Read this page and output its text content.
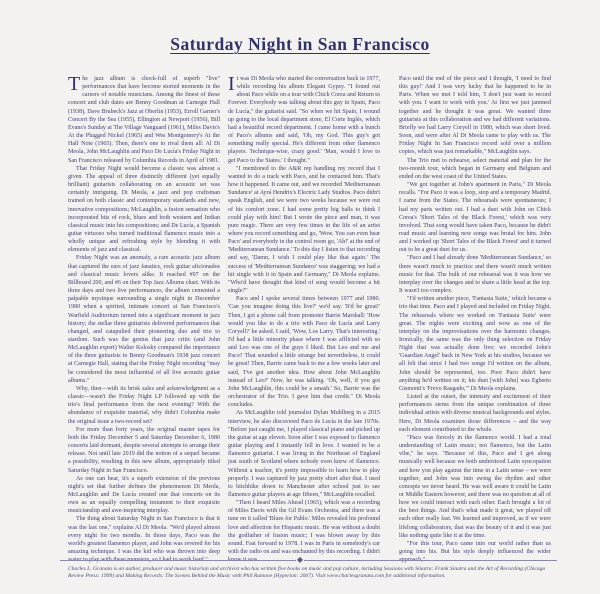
Saturday Night in San Francisco

The jazz album is chock-full of superb "live" performances that have become storied moments in the careers of notable musicians. Among the finest of these concert and club dates are Benny Goodman at Carnegie Hall (1938), Dave Brubeck's Jazz at Oberlin (1953), Erroll Garner's Concert By the Sea (1955), Ellington at Newport (1956), Bill Evans's Sunday at The Village Vanguard (1961), Miles Davis's At the Plugged Nickel (1965) and Wes Montgomery's At the Half Note (1965). Then, there's one to rival them all: Al Di Meola, John McLaughlin and Paco De Lucía's Friday Night in San Francisco released by Columbia Records in April of 1981.

That Friday Night would become a classic was almost a given. The appeal of three distinctly different (yet equally brilliant) guitarists collaborating on an acoustic set was certainly intriguing. Di Meola, a jazz and pop craftsman trained on both classic and contemporary standards and new, innovative compositions; McLaughlin, a fusion sensation who incorporated bits of rock, blues and both western and Indian classical music into his compositions; and De Lucía, a Spanish guitar virtuoso who turned traditional flamenco music into a wholly unique and refreshing style by blending it with elements of jazz and classical.

Friday Night was an anomaly, a rare acoustic jazz album that captured the ears of jazz fanatics, rock guitar aficionados and classical music lovers alike. It reached #97 on the Billboard 200, and #6 on their Top Jazz Albums chart. With its three days and two live performances, the album cemented a palpable mystique surrounding a single night in December 1980 when a spirited, intimate concert at San Francisco's Warfield Auditorium turned into a significant moment in jazz history; the stellar three guitarists delivered performances that changed, and catapulted their pioneering duo and trio to stardom. Such was the genius that jazz critic (and John McLaughlin expert) Walter Kolosky compared the importance of the three guitarists to Benny Goodman's 1938 jazz concert at Carnegie Hall, stating that the Friday Night recording "may be considered the most influential of all live acoustic guitar albums."

Why, then—with its brisk sales and acknowledgment as a classic—wasn't the Friday Night LP followed up with the trio's final performance from the next evening? With the abundance of exquisite material, why didn't Columbia make the original issue a two-record set?

For more than forty years, the original master tapes for both the Friday December 5 and Saturday December 6, 1980 concerts laid dormant, despite several attempts to arrange their release. Not until late 2019 did the notion of a sequel became a possibility, resulting in this new album, appropriately titled Saturday Night in San Francisco.

As one can hear, it's a superb extension of the previous night's set that further defines the phenomenon Di Meola, McLaughlin and De Lucía created one that concerts on its own as an equally compelling testament to their exquisite musicianship and awe-inspiring interplay.

The thing about Saturday Night in San Francisco is that it was the last one," explains Al Di Meola. "We'd played almost every night for two months. In those days, Paco was the world's greatest flamenco player, and John was revered for his amazing technique. I was the kid who was thrown into deep

It was Di Meola who started the conversation back in 1977, while recording his album Elegant Gypsy. "I found out about Paco while on a tour with Chick Corea and Return to Forever. Everybody was talking about this guy in Spain, Paco de Lucía," the guitarist said. "So when we hit Spain, I wound up going to the local department store, El Corte Inglés, which had a beautiful record department. I came home with a bunch of Paco's albums and said, 'Oh, my God. This guy's got something really special. He's different from other flamenco players. Technique-wise, crazy good.' 'Man, would I love to get Paco to the States.' I thought."

"I mentioned to the A&R rep handling my record that I wanted to do a track with Paco, and he contacted him. That's how it happened. It came out, and we recorded 'Mediterranean Sundance' at Ayrá Hendrix's Electric Lady Studios. Paco didn't speak English, and we were two weeks because we were out of his comfort zone. I had some pretty big balls to think I could play with him! But I wrote the piece and man, it was pure magic. There are very few times in the life of an artist where you record something and go, 'Wow. You can even hear Paco' and everybody in the control room go, 'Ah!' at the end of 'Mediterranean Sundance.' To this day I listen to that recording and say, 'Damn, I wish I could play like that again.' The success of 'Mediterranean Sundance' was staggering; we had a hit single with it in Spain and Germany," Di Meola explains. "Who'd have thought that kind of song would become a hit single?"

Paco and I spoke several times between 1977 and 1980. 'Can you imagine doing this live?' we'd say. 'It'd be great!' Then, I got a phone call from promoter Barrie Marshall: 'How would you like to do a trio with Paco de Lucía and Larry Coryell?' he asked. I said, 'Wow, Los Larry. That's interesting.' I'd had a little minority phase where I was afflicted with so and Leo was one of the guys I liked. But Leo and me and Paco? That sounded a little strange but nevertheless, it could be great! Then, Barrie came back to me a few weeks later and said, 'I've got another idea. How about John McLaughlin instead of Leo?' Now, he was talking. 'Oh, well, if you got John McLaughlin, this could be a smash.' So, Barrie was the orchestrator of the Trio. I gave him that credit." Di Meola concludes.

As McLaughlin told journalist Dylan Muhlberg in a 2015 interview, he also discovered Paco de Lucía in the late 1970s. "Before just caught me, I played classical piano and picked up the guitar at age eleven. Soon after I was exposed to flamenco guitar playing and I instantly fell in love. I wanted to be a flamenco guitarist. I was living in the Northeast of England just south of Scotland where nobody even knew of flamenco. Without a teacher, it's pretty impossible to learn how to play properly. I was captured by jazz pretty short after that. I used to hitchhike down to Manchester after school just to see flamenco guitar players at age fifteen," McLaughlin recalled.

"Then I heard Miles Ahead (1965), which was a recording of Miles Davis with the Gil Evans Orchestra, and there was a tune on it called 'Blues for Pablo.' Miles revealed his profound love and affection for Hispanic music. He was without a doubt the godfather of fusion music; I was blown away by this sound. Fast forward to 1978. I was in Paris in somebody's car with the radio on and was enchanted by this recording. I didn't

Paco until the end of the piece and I thought, 'I need to find this guy!' And I was very lucky that he happened to be in Paris. When we met I told him, 'I don't just want to record with you. I want to work with you.' At first we just jammed together and he thought it was great. We wanted three guitarists at this collaboration and we had different variations. Briefly we had Larry Coryell in 1980, which was short lived. Soon, and were after Al Di Meola came to play with us. The Friday Night In San Francisco record sold over a million copies, which was just remarkable," McLaughlin says.

The Trio met to rehearse, select material and plan for the two-month tour, which began in Germany and Belgium and ended on the west coast of the United States.

"We got together at John's apartment in Paris," Di Meola recalls. "For Paco it was a loop, stop and a temporary Madrid. I came from the States. The rehearsals were spontaneous; I had my parts written out. I had a duet with John on Chick Corea's 'Short Tales of the Black Forest,' which was very involved. That song would have taken Paco, because he didn't read music and learning new songs was brutal for him. John and I worked up 'Short Tales of the Black Forest' and it turned out to be a great duet for us.

"Paco and I had already done 'Mediterranean Sundance,' so there wasn't much to practice and there wasn't much written music for that. The bulk of our rehearsal was it was how we interplay over the changes and to share a little head at the top. It wasn't too complex.

"I'd written another piece, 'Fantasia Suite,' which became a trio that time. Paco and I played and included on Friday Night. The rehearsals where we worked on 'Fantasia Suite' were great. The nights were exciting and wow as one of the interplay on the improvisations over the harmonic changes. Ironically, the same was the only thing selection on Friday Night that was actually done live; we recorded John's 'Guardian Angel' back in New York at his studios, because we all felt that since I had two songs I'd written on the album, John should be represented, too. Poor Paco didn't have anything he'd written on it; his duet [with John] was Egberto Gismonti's 'Frevo Rasgado,'" Di Meola explains.

Listed at the outset, the intensity and excitement of their performances stems from the unique combination of three individual artists with diverse musical backgrounds and styles. Here, Di Meola examines those differences – and the way each element contributed to the whole.

"Paco was fiercely in the flamenco world. I had a total understanding of Latin music; not flamenco, but the Latin vibe," he says. "Because of this, Paco and I got along musically well because we both understood Latin syncopation and how you play against the time in a Latin sense – we were together, and John was into swing the rhythm and other concepts we never heard. He was well aware it could be Latin or Middle Eastern however, and there was no question at all of how we could interact with each other. Each brought a lot of the best things. And that's what made it great, we played off each other really fast. We learned and improved, as if we were lifelong collaborators, that was the beauty of it and it was just like nothing quite like it at the time.

"For this tour, Paco came into our world rather than us going into his. But his style deeply influenced the wider

◆
Charles L. Granata is an author, producer and music historian and archivist who has written five books on music and pop culture, including Sessions with Sinatra: Frank Sinatra and the Art of Recording (Chicago Review Press: 1999) and Making Records: The Scenes Behind the Music with Phil Ramone (Hyperion: 2007). Visit www.charlesgranata.com for additional information.
